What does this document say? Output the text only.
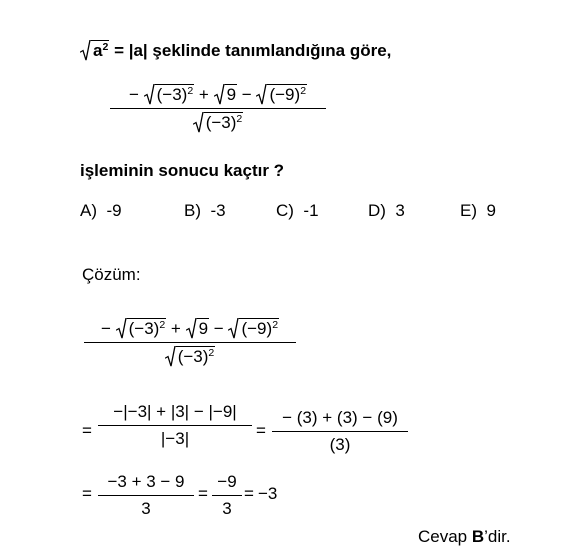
$a^2 = |a|$ şeklinde tanımlandığına göre,
− $(-3)^2 + 9 - (-9)^2$
$(-3)^2$
işleminin sonucu kaçtır ?
A) -9	B) -3	C) -1	D) 3	E) 9
Çözüm:
− $(-3)^2 + 9 - (-9)^2$
$(-3)^2$
=
−|−3| + |3| − |−9|
|−3|	=
− (3) + (3) − (9)
(3)
=
−3 + 3 − 9
3
=
−9
3
= −3
Cevap B’dir.
